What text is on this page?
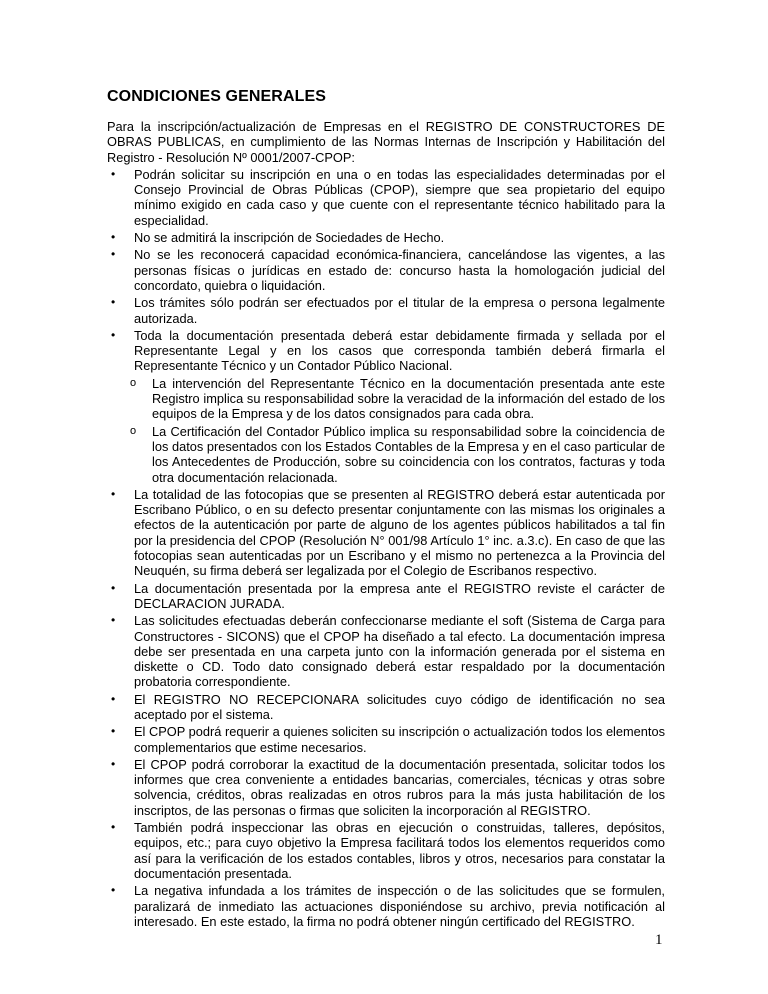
CONDICIONES GENERALES

Para la inscripción/actualización de Empresas en el REGISTRO DE CONSTRUCTORES DE OBRAS PUBLICAS, en cumplimiento de las Normas Internas de Inscripción y Habilitación del Registro - Resolución Nº 0001/2007-CPOP:

• Podrán solicitar su inscripción en una o en todas las especialidades determinadas por el Consejo Provincial de Obras Públicas (CPOP), siempre que sea propietario del equipo mínimo exigido en cada caso y que cuente con el representante técnico habilitado para la especialidad.

• No se admitirá la inscripción de Sociedades de Hecho.

• No se les reconocerá capacidad económica-financiera, cancelándose las vigentes, a las personas físicas o jurídicas en estado de: concurso hasta la homologación judicial del concordato, quiebra o liquidación.

• Los trámites sólo podrán ser efectuados por el titular de la empresa o persona legalmente autorizada.

• Toda la documentación presentada deberá estar debidamente firmada y sellada por el Representante Legal y en los casos que corresponda también deberá firmarla el Representante Técnico y un Contador Público Nacional.

o La intervención del Representante Técnico en la documentación presentada ante este Registro implica su responsabilidad sobre la veracidad de la información del estado de los equipos de la Empresa y de los datos consignados para cada obra.

o La Certificación del Contador Público implica su responsabilidad sobre la coincidencia de los datos presentados con los Estados Contables de la Empresa y en el caso particular de los Antecedentes de Producción, sobre su coincidencia con los contratos, facturas y toda otra documentación relacionada.

• La totalidad de las fotocopias que se presenten al REGISTRO deberá estar autenticada por Escribano Público, o en su defecto presentar conjuntamente con las mismas los originales a efectos de la autenticación por parte de alguno de los agentes públicos habilitados a tal fin por la presidencia del CPOP (Resolución N° 001/98 Artículo 1° inc. a.3.c). En caso de que las fotocopias sean autenticadas por un Escribano y el mismo no pertenezca a la Provincia del Neuquén, su firma deberá ser legalizada por el Colegio de Escribanos respectivo.

• La documentación presentada por la empresa ante el REGISTRO reviste el carácter de DECLARACION JURADA.

• Las solicitudes efectuadas deberán confeccionarse mediante el soft (Sistema de Carga para Constructores - SICONS) que el CPOP ha diseñado a tal efecto. La documentación impresa debe ser presentada en una carpeta junto con la información generada por el sistema en diskette o CD. Todo dato consignado deberá estar respaldado por la documentación probatoria correspondiente.

• El REGISTRO NO RECEPCIONARA solicitudes cuyo código de identificación no sea aceptado por el sistema.

• El CPOP podrá requerir a quienes soliciten su inscripción o actualización todos los elementos complementarios que estime necesarios.

• El CPOP podrá corroborar la exactitud de la documentación presentada, solicitar todos los informes que crea conveniente a entidades bancarias, comerciales, técnicas y otras sobre solvencia, créditos, obras realizadas en otros rubros para la más justa habilitación de los inscriptos, de las personas o firmas que soliciten la incorporación al REGISTRO.

• También podrá inspeccionar las obras en ejecución o construidas, talleres, depósitos, equipos, etc.; para cuyo objetivo la Empresa facilitará todos los elementos requeridos como así para la verificación de los estados contables, libros y otros, necesarios para constatar la documentación presentada.

• La negativa infundada a los trámites de inspección o de las solicitudes que se formulen, paralizará de inmediato las actuaciones disponiéndose su archivo, previa notificación al interesado. En este estado, la firma no podrá obtener ningún certificado del REGISTRO.

1
